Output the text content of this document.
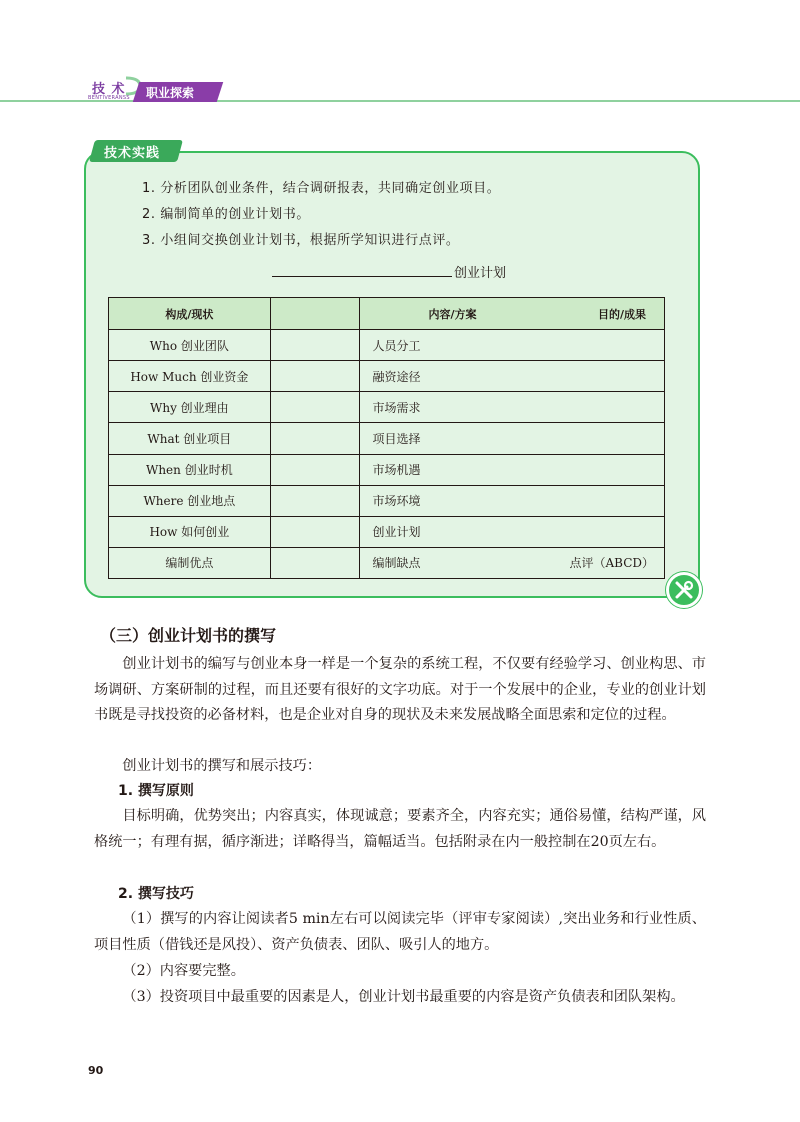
技 术
BENTIVERANSS 职业探索
技术实践
1. 分析团队创业条件，结合调研报表，共同确定创业项目。
2. 编制简单的创业计划书。
3. 小组间交换创业计划书，根据所学知识进行点评。
创业计划
构成/现状		内容/方案 目的/成果

Who 创业团队		人员分工
How Much 创业资金		融资途径
Why 创业理由		市场需求
What 创业项目		项目选择
When 创业时机		市场机遇
Where 创业地点		市场环境
How 如何创业		创业计划
编制优点		编制缺点 点评（ABCD）
（三）创业计划书的撰写
创业计划书的编写与创业本身一样是一个复杂的系统工程，不仅要有经验学习、创业构思、市场调研、方案研制的过程，而且还要有很好的文字功底。对于一个发展中的企业，专业的创业计划书既是寻找投资的必备材料，也是企业对自身的现状及未来发展战略全面思索和定位的过程。
创业计划书的撰写和展示技巧：
1. 撰写原则
目标明确，优势突出；内容真实，体现诚意；要素齐全，内容充实；通俗易懂，结构严谨，风格统一；有理有据，循序渐进；详略得当，篇幅适当。包括附录在内一般控制在20页左右。
2. 撰写技巧
（1）撰写的内容让阅读者5 min左右可以阅读完毕（评审专家阅读）,突出业务和行业性质、项目性质（借钱还是风投）、资产负债表、团队、吸引人的地方。
（2）内容要完整。
（3）投资项目中最重要的因素是人，创业计划书最重要的内容是资产负债表和团队架构。
90
